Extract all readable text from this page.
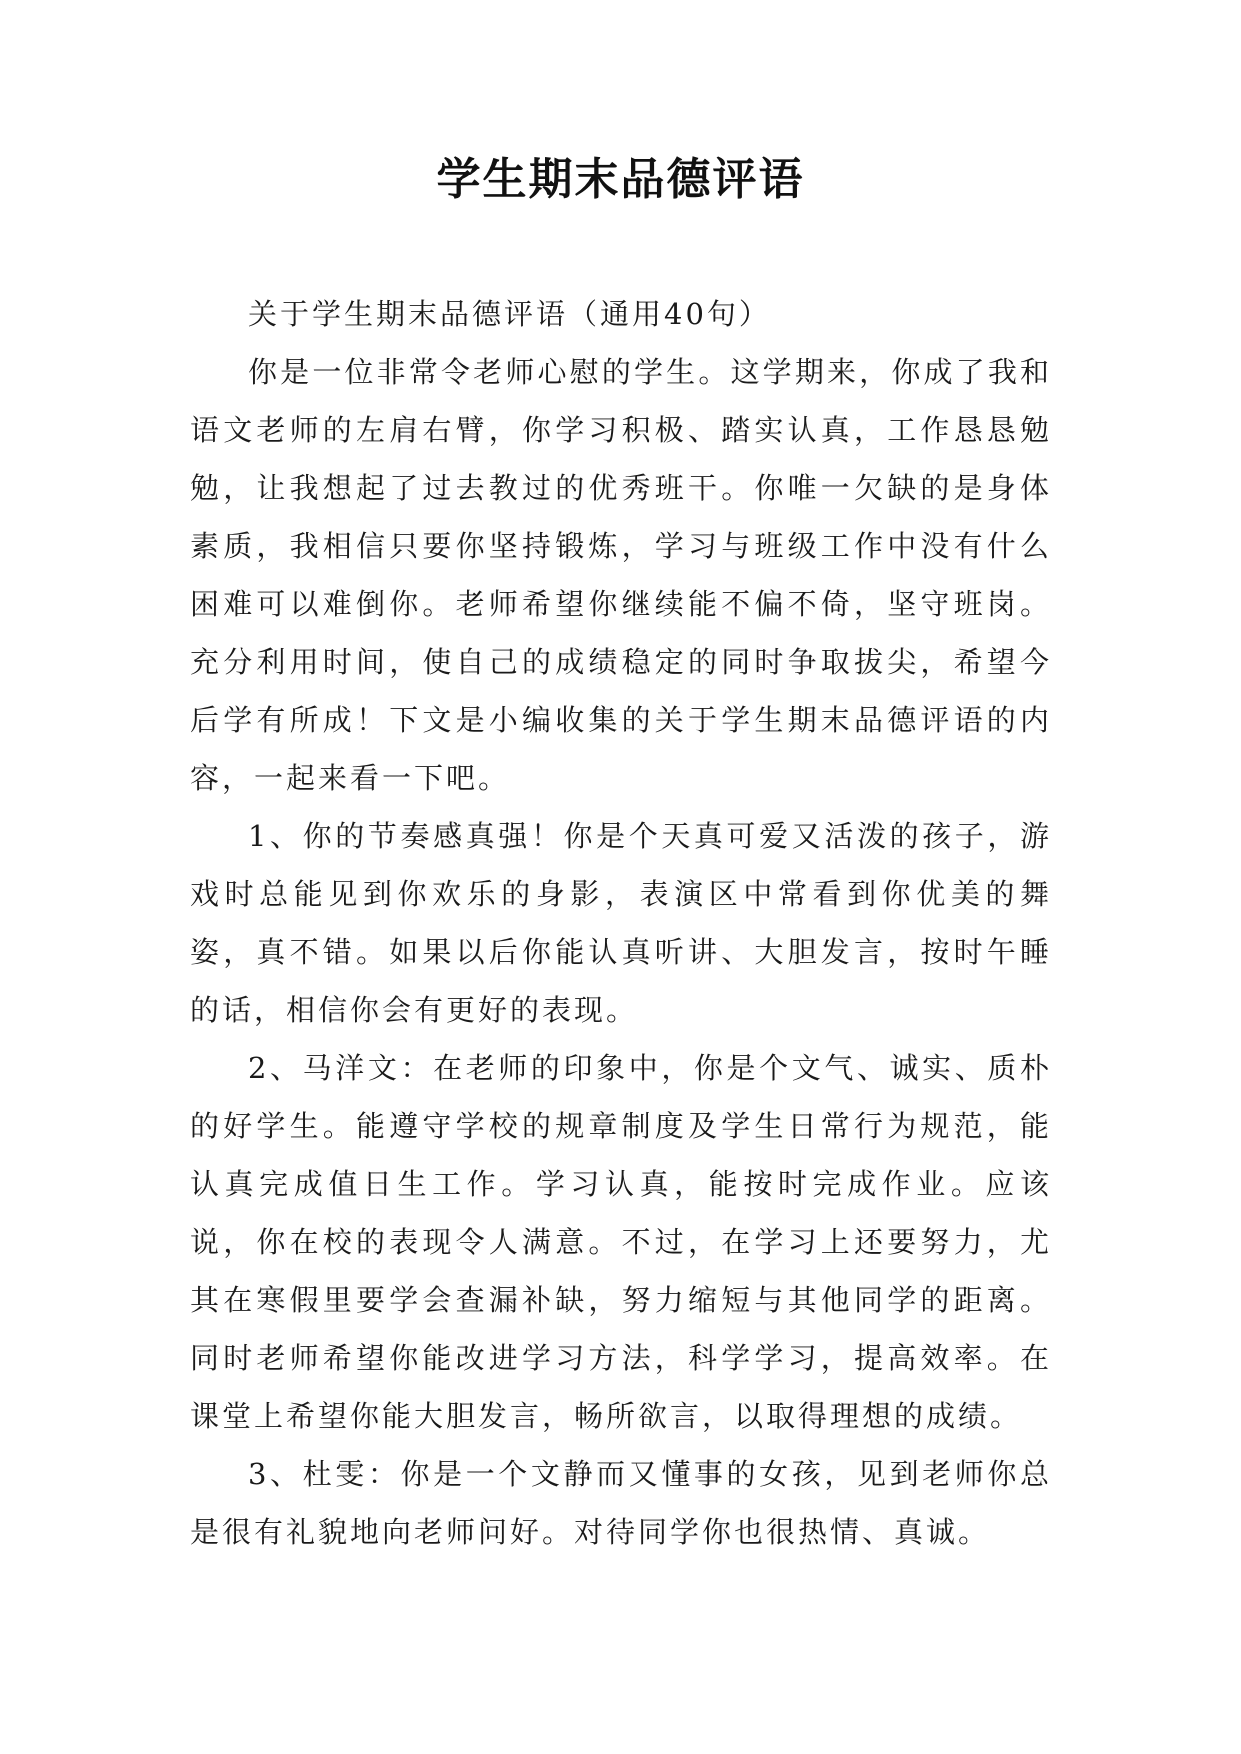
学生期末品德评语

关于学生期末品德评语（通用40句）

你是一位非常令老师心慰的学生。这学期来，你成了我和语文老师的左肩右臂，你学习积极、踏实认真，工作恳恳勉勉，让我想起了过去教过的优秀班干。你唯一欠缺的是身体素质，我相信只要你坚持锻炼，学习与班级工作中没有什么困难可以难倒你。老师希望你继续能不偏不倚，坚守班岗。充分利用时间，使自己的成绩稳定的同时争取拔尖，希望今后学有所成！下文是小编收集的关于学生期末品德评语的内容，一起来看一下吧。

1、你的节奏感真强！你是个天真可爱又活泼的孩子，游戏时总能见到你欢乐的身影，表演区中常看到你优美的舞姿，真不错。如果以后你能认真听讲、大胆发言，按时午睡的话，相信你会有更好的表现。

2、马洋文：在老师的印象中，你是个文气、诚实、质朴的好学生。能遵守学校的规章制度及学生日常行为规范，能认真完成值日生工作。学习认真，能按时完成作业。应该说，你在校的表现令人满意。不过，在学习上还要努力，尤其在寒假里要学会查漏补缺，努力缩短与其他同学的距离。同时老师希望你能改进学习方法，科学学习，提高效率。在课堂上希望你能大胆发言，畅所欲言，以取得理想的成绩。

3、杜雯：你是一个文静而又懂事的女孩，见到老师你总是很有礼貌地向老师问好。对待同学你也很热情、真诚。
